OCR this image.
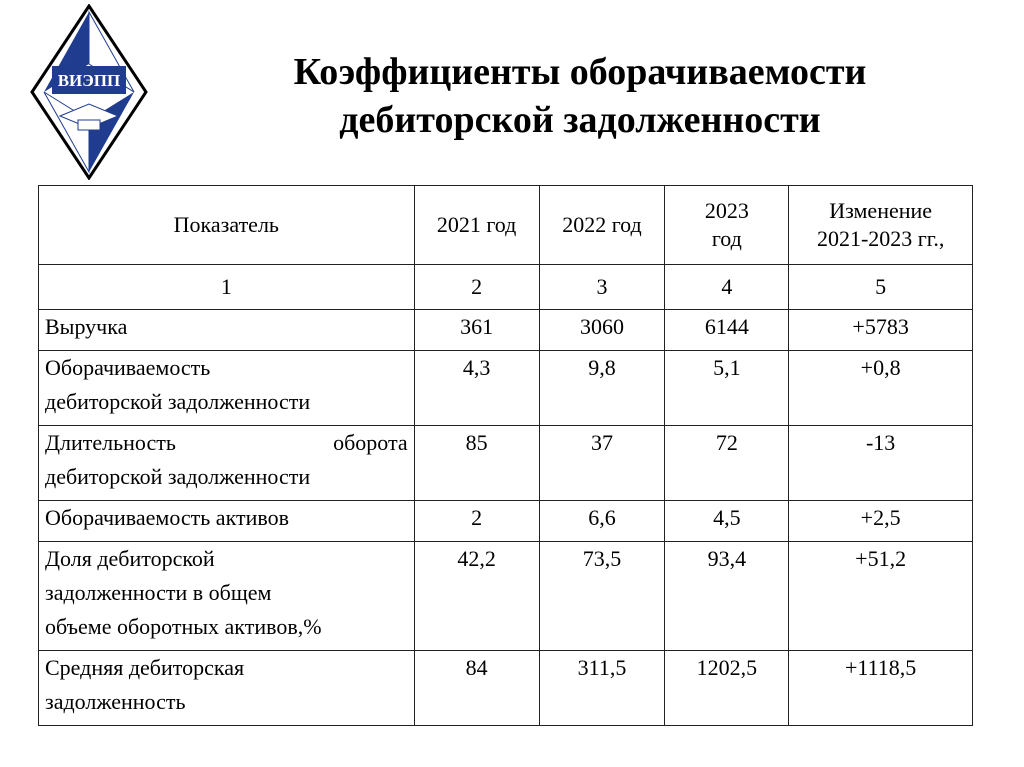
ВИЭПП	Коэффициенты оборачиваемости
дебиторской задолженности
Показатель	2021 год	2022 год	2023
год	Изменение
2021-2023 гг.,

1	2	3	4	5

Выручка	361	3060	6144	+5783

Оборачиваемость
дебиторской задолженности	4,3	9,8	5,1	+0,8

Длительность оборота
дебиторской задолженности	85	37	72	-13

Оборачиваемость активов	2	6,6	4,5	+2,5

Доля дебиторской
задолженности в общем
объеме оборотных активов,%	42,2	73,5	93,4	+51,2

Средняя дебиторская
задолженность	84	311,5	1202,5	+1118,5
